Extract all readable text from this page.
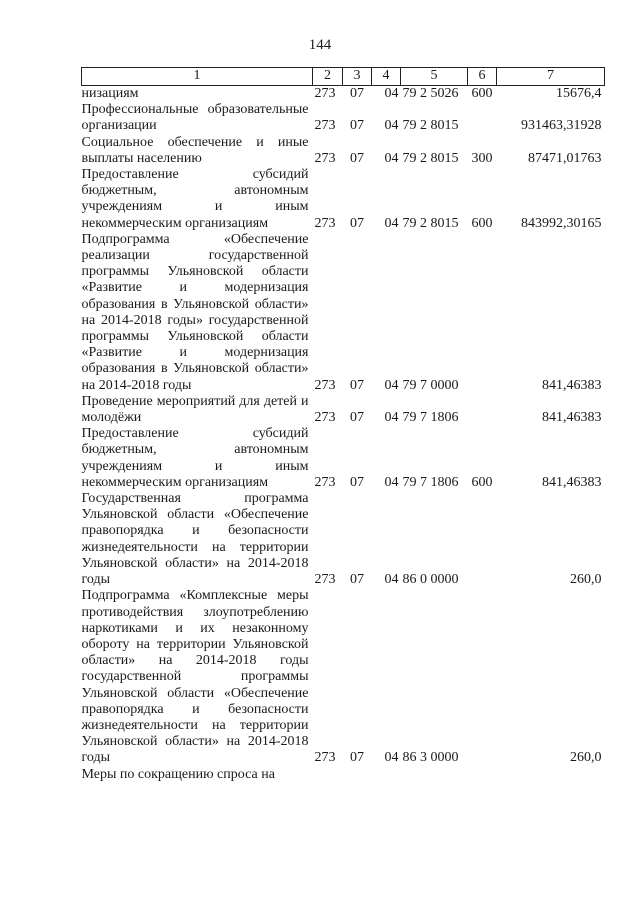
144
1	2	3	4	5	6	7
низациям	273	07	04	79 2 5026	600	15676,4
Профессиональные образовательные организации	273	07	04	79 2 8015		931463,31928
Социальное обеспечение и иные выплаты населению	273	07	04	79 2 8015	300	87471,01763
Предоставление субсидий бюджетным, автономным учреждениям и иным некоммерческим организациям	273	07	04	79 2 8015	600	843992,30165
Подпрограмма «Обеспечение реализации государственной программы Ульяновской области «Развитие и модернизация образования в Ульяновской области» на 2014-2018 годы» государственной программы Ульяновской области «Развитие и модернизация образования в Ульяновской области» на 2014-2018 годы	273	07	04	79 7 0000		841,46383
Проведение мероприятий для детей и молодёжи	273	07	04	79 7 1806		841,46383
Предоставление субсидий бюджетным, автономным учреждениям и иным некоммерческим организациям	273	07	04	79 7 1806	600	841,46383
Государственная программа Ульяновской области «Обеспечение правопорядка и безопасности жизнедеятельности на территории Ульяновской области» на 2014-2018 годы	273	07	04	86 0 0000		260,0
Подпрограмма «Комплексные меры противодействия злоупотреблению наркотиками и их незаконному обороту на территории Ульяновской области» на 2014-2018 годы государственной программы Ульяновской области «Обеспечение правопорядка и безопасности жизнедеятельности на территории Ульяновской области» на 2014-2018 годы	273	07	04	86 3 0000		260,0
Меры по сокращению спроса на						
